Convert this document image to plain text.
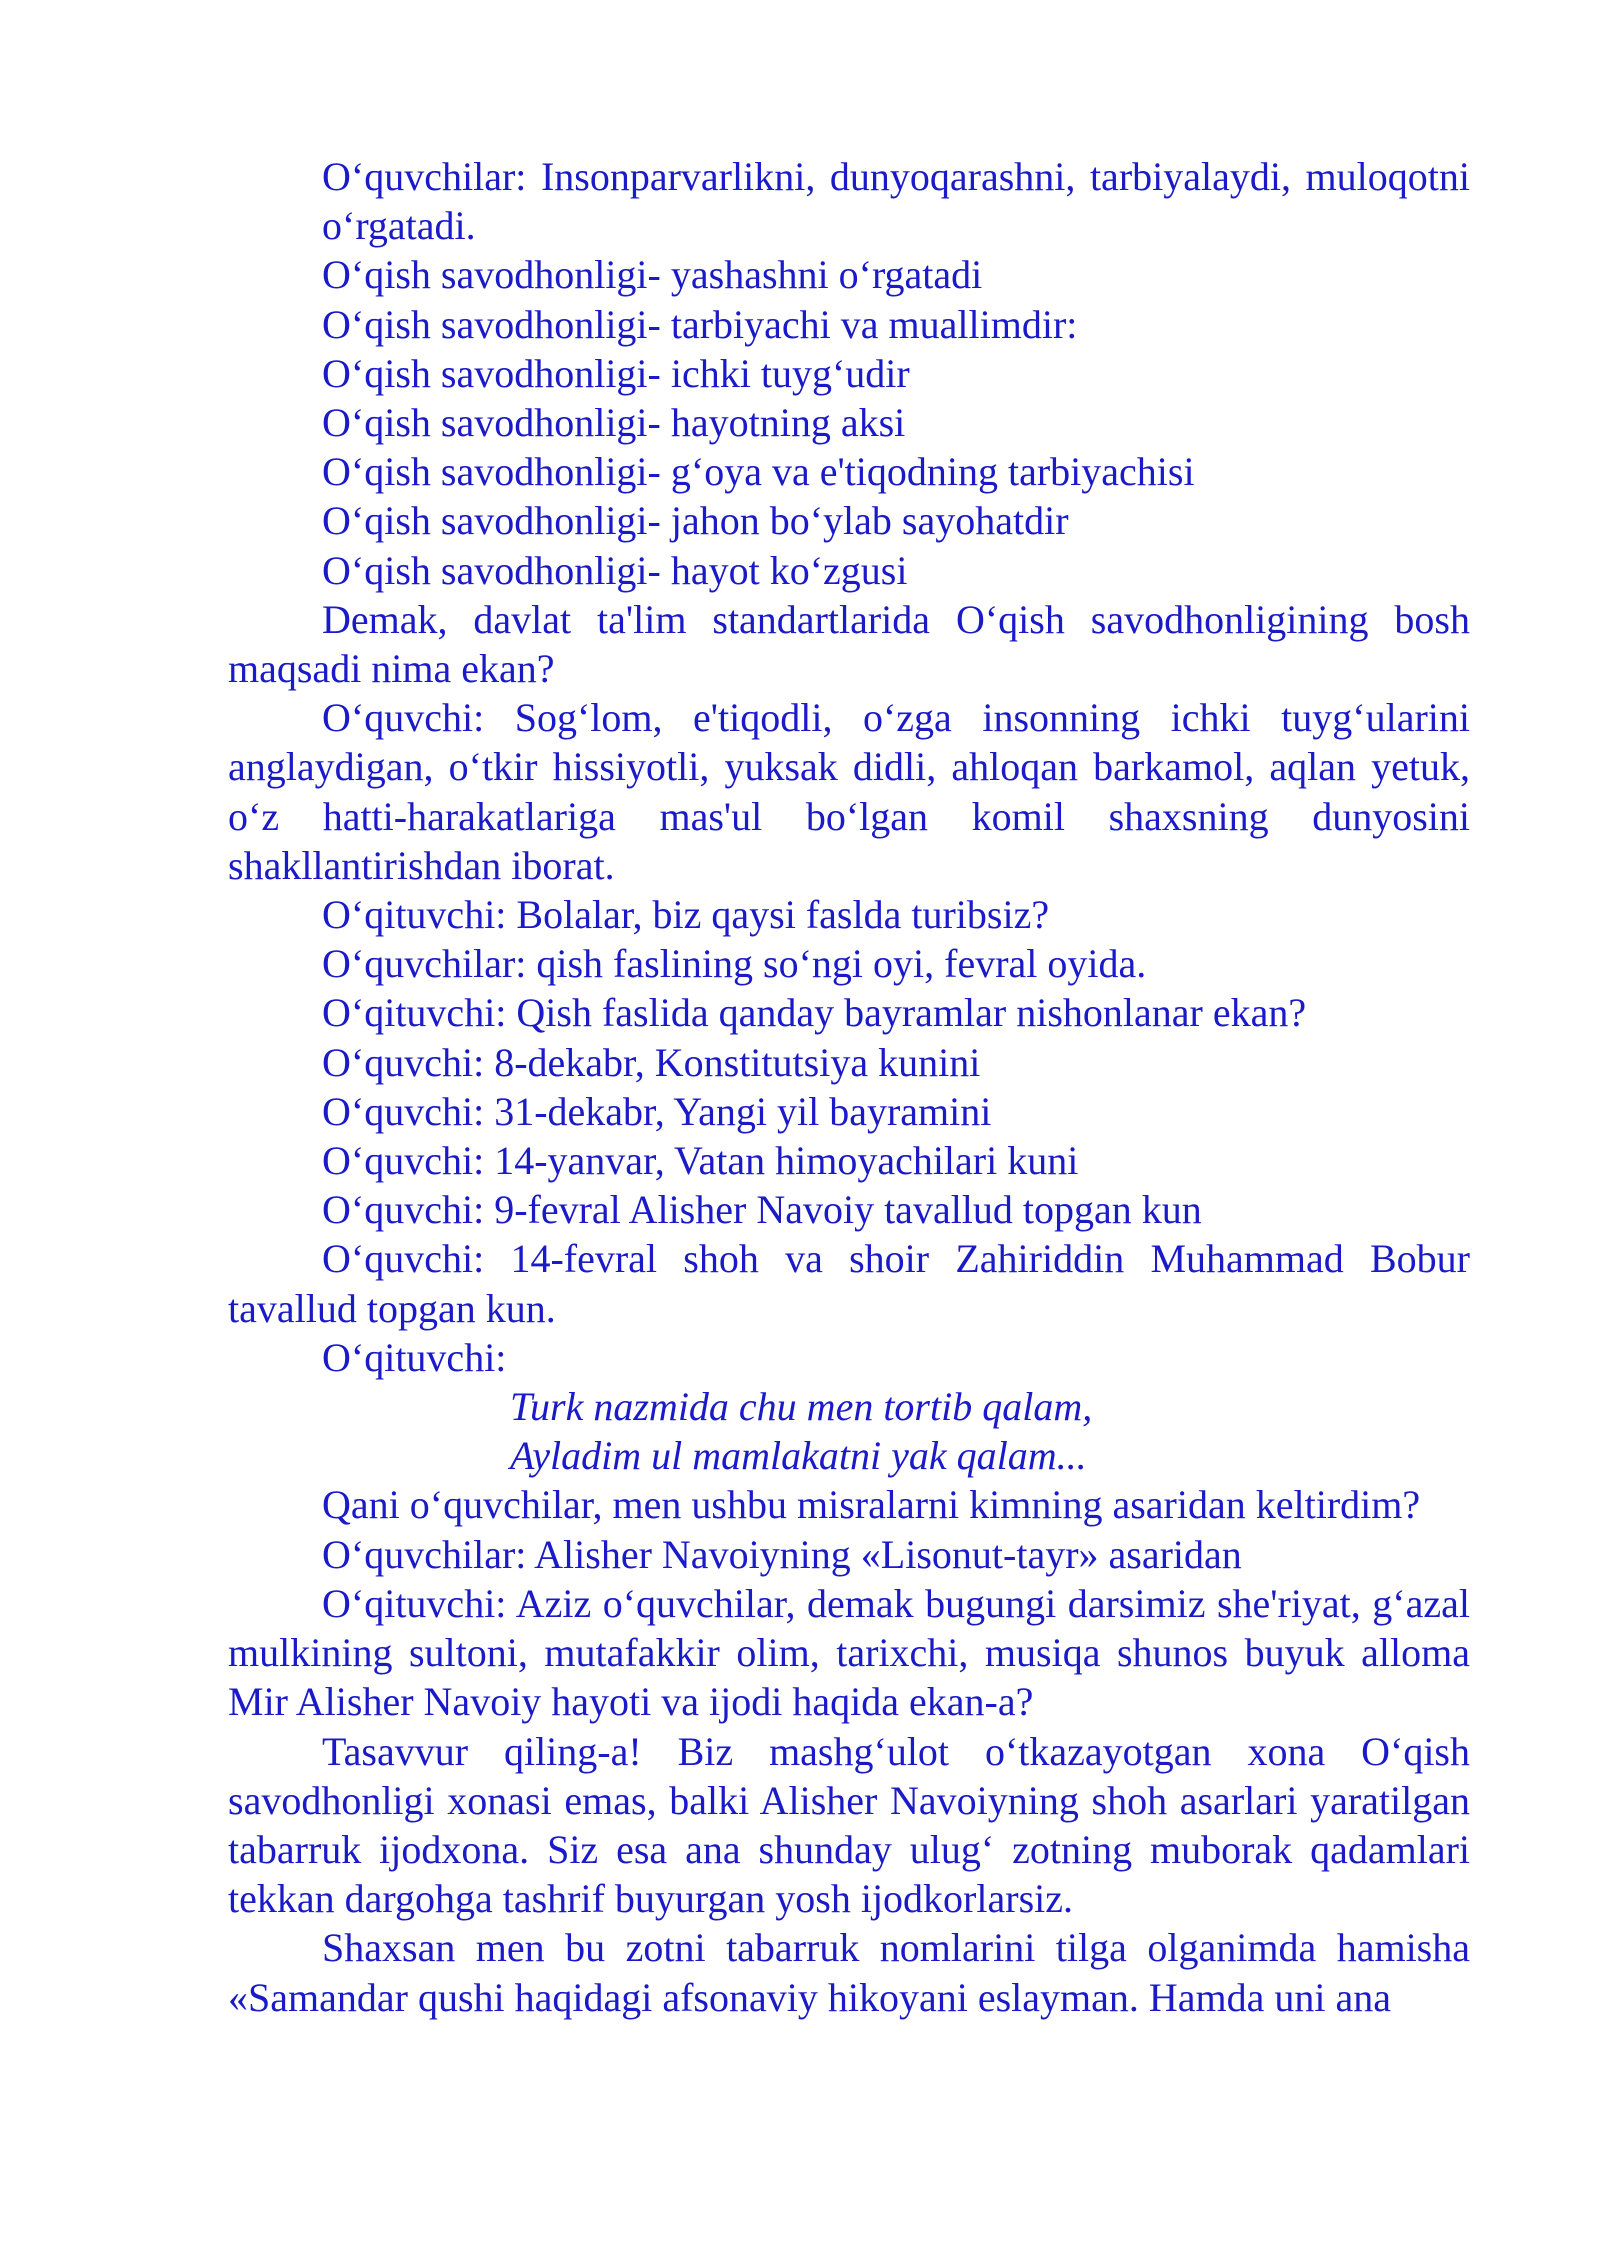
O‘quvchilar: Insonparvarlikni, dunyoqarashni, tarbiyalaydi, muloqotni o‘rgatadi.

O‘qish savodhonligi- yashashni o‘rgatadi

O‘qish savodhonligi- tarbiyachi va muallimdir:

O‘qish savodhonligi- ichki tuyg‘udir

O‘qish savodhonligi- hayotning aksi

O‘qish savodhonligi- g‘oya va e'tiqodning tarbiyachisi

O‘qish savodhonligi- jahon bo‘ylab sayohatdir

O‘qish savodhonligi- hayot ko‘zgusi

Demak, davlat ta'lim standartlarida O‘qish savodhonligining bosh maqsadi nima ekan?

O‘quvchi: Sog‘lom, e'tiqodli, o‘zga insonning ichki tuyg‘ularini anglaydigan, o‘tkir hissiyotli, yuksak didli, ahloqan barkamol, aqlan yetuk, o‘z hatti-harakatlariga mas'ul bo‘lgan komil shaxsning dunyosini shakllantirishdan iborat.

O‘qituvchi: Bolalar, biz qaysi faslda turibsiz?

O‘quvchilar: qish faslining so‘ngi oyi, fevral oyida.

O‘qituvchi: Qish faslida qanday bayramlar nishonlanar ekan?

O‘quvchi: 8-dekabr, Konstitutsiya kunini

O‘quvchi: 31-dekabr, Yangi yil bayramini

O‘quvchi: 14-yanvar, Vatan himoyachilari kuni

O‘quvchi: 9-fevral Alisher Navoiy tavallud topgan kun

O‘quvchi: 14-fevral shoh va shoir Zahiriddin Muhammad Bobur tavallud topgan kun.

O‘qituvchi:

Turk nazmida chu men tortib qalam,

Ayladim ul mamlakatni yak qalam...

Qani o‘quvchilar, men ushbu misralarni kimning asaridan keltirdim?

O‘quvchilar: Alisher Navoiyning «Lisonut-tayr» asaridan

O‘qituvchi: Aziz o‘quvchilar, demak bugungi darsimiz she'riyat, g‘azal mulkining sultoni, mutafakkir olim, tarixchi, musiqa shunos buyuk alloma Mir Alisher Navoiy hayoti va ijodi haqida ekan-a?

Tasavvur qiling-a! Biz mashg‘ulot o‘tkazayotgan xona O‘qish savodhonligi xonasi emas, balki Alisher Navoiyning shoh asarlari yaratilgan tabarruk ijodxona. Siz esa ana shunday ulug‘ zotning muborak qadamlari tekkan dargohga tashrif buyurgan yosh ijodkorlarsiz.

Shaxsan men bu zotni tabarruk nomlarini tilga olganimda hamisha «Samandar qushi haqidagi afsonaviy hikoyani eslayman. Hamda uni ana
